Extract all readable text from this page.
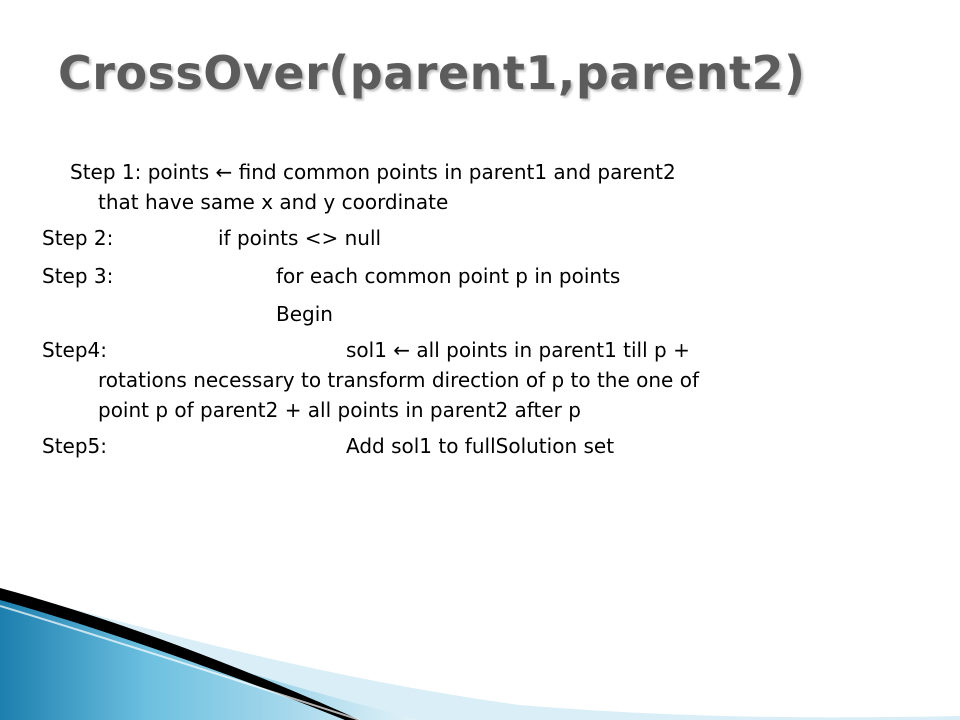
CrossOver(parent1,parent2)
Step 1: points ← find common points in parent1 and parent2
that have same x and y coordinate
Step 2:	if points <> null
Step 3:	for each common point p in points
Begin
Step4:	sol1 ← all points in parent1 till p +
rotations necessary to transform direction of p to the one of
point p of parent2 + all points in parent2 after p
Step5:	Add sol1 to fullSolution set
